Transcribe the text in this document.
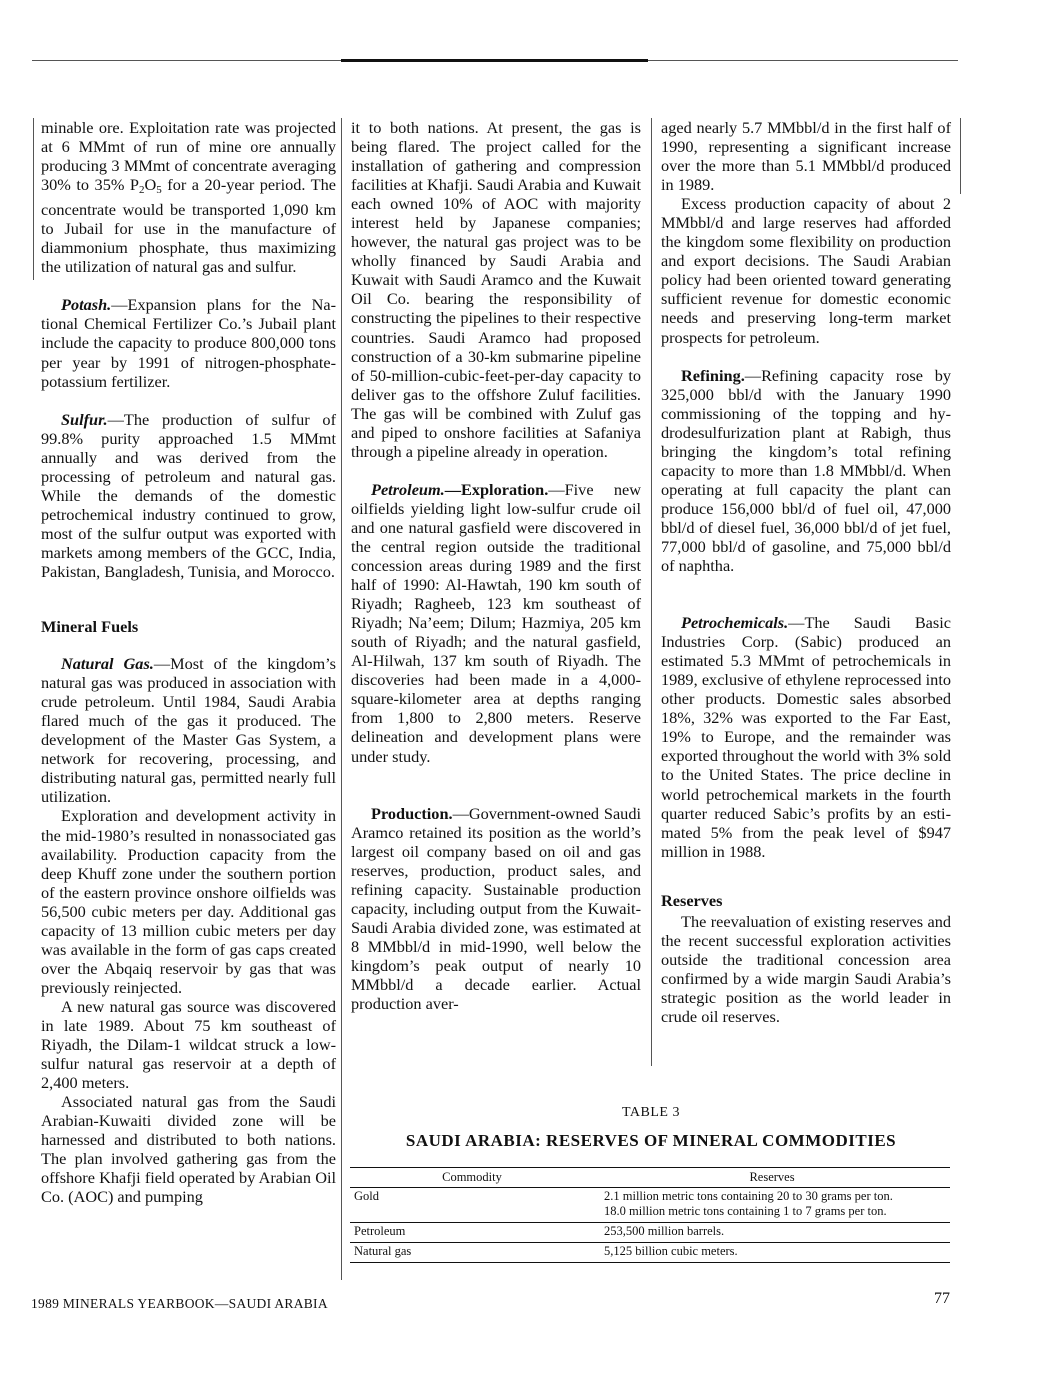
minable ore. Exploitation rate was projected at 6 MMmt of run of mine ore annually producing 3 MMmt of concentrate averaging 30% to 35% $P_2O_5$ for a 20-year period. The concentrate would be transported 1,090 km to Jubail for use in the manufacture of diammonium phosphate, thus maximizing the utilization of natural gas and sulfur.

Potash.—Expansion plans for the National Chemical Fertilizer Co.’s Jubail plant include the capacity to produce 800,000 tons per year by 1991 of nitrogen-phosphate-potassium fertilizer.

Sulfur.—The production of sulfur of 99.8% purity approached 1.5 MMmt annually and was derived from the processing of petroleum and natural gas. While the demands of the domestic petrochemical industry continued to grow, most of the sulfur output was exported with markets among members of the GCC, India, Pakistan, Bangladesh, Tunisia, and Morocco.

Mineral Fuels

Natural Gas.—Most of the kingdom’s natural gas was produced in association with crude petroleum. Until 1984, Saudi Arabia flared much of the gas it produced. The development of the Master Gas System, a network for recovering, processing, and distributing natural gas, permitted nearly full utilization.

Exploration and development activity in the mid-1980’s resulted in nonassociated gas availability. Production capacity from the deep Khuff zone under the southern portion of the eastern province onshore oilfields was 56,500 cubic meters per day. Additional gas capacity of 13 million cubic meters per day was available in the form of gas caps created over the Abqaiq reservoir by gas that was previously reinjected.

A new natural gas source was discovered in late 1989. About 75 km southeast of Riyadh, the Dilam-1 wildcat struck a low-sulfur natural gas reservoir at a depth of 2,400 meters.

Associated natural gas from the Saudi Arabian-Kuwaiti divided zone will be harnessed and distributed to both nations. The plan involved gathering gas from the offshore Khafji field operated by Arabian Oil Co. (AOC) and pumping

it to both nations. At present, the gas is being flared. The project called for the installation of gathering and compression facilities at Khafji. Saudi Arabia and Kuwait each owned 10% of AOC with majority interest held by Japanese companies; however, the natural gas project was to be wholly financed by Saudi Arabia and Kuwait with Saudi Aramco and the Kuwait Oil Co. bearing the responsibility of constructing the pipelines to their respective countries. Saudi Aramco had proposed construction of a 30-km submarine pipeline of 50-million-cubic-feet-per-day capacity to deliver gas to the offshore Zuluf facilities. The gas will be combined with Zuluf gas and piped to onshore facilities at Safaniya through a pipeline already in operation.

Petroleum.—Exploration.—Five new oilfields yielding light low-sulfur crude oil and one natural gasfield were discovered in the central region outside the traditional concession areas during 1989 and the first half of 1990: Al-Hawtah, 190 km south of Riyadh; Ragheeb, 123 km southeast of Riyadh; Na’eem; Dilum; Hazmiya, 205 km south of Riyadh; and the natural gasfield, Al-Hilwah, 137 km south of Riyadh. The discoveries had been made in a 4,000-square-kilometer area at depths ranging from 1,800 to 2,800 meters. Reserve delineation and development plans were under study.

Production.—Government-owned Saudi Aramco retained its position as the world’s largest oil company based on oil and gas reserves, production, product sales, and refining capacity. Sustainable production capacity, including output from the Kuwait-Saudi Arabia divided zone, was estimated at 8 MMbbl/d in mid-1990, well below the kingdom’s peak output of nearly 10 MMbbl/d a decade earlier. Actual production aver-

aged nearly 5.7 MMbbl/d in the first half of 1990, representing a significant increase over the more than 5.1 MMbbl/d produced in 1989.

Excess production capacity of about 2 MMbbl/d and large reserves had afforded the kingdom some flexibility on production and export decisions. The Saudi Arabian policy had been oriented toward generating sufficient revenue for domestic economic needs and preserving long-term market prospects for petroleum.

Refining.—Refining capacity rose by 325,000 bbl/d with the January 1990 commissioning of the topping and hydrodesulfurization plant at Rabigh, thus bringing the kingdom’s total refining capacity to more than 1.8 MMbbl/d. When operating at full capacity the plant can produce 156,000 bbl/d of fuel oil, 47,000 bbl/d of diesel fuel, 36,000 bbl/d of jet fuel, 77,000 bbl/d of gasoline, and 75,000 bbl/d of naphtha.

Petrochemicals.—The Saudi Basic Industries Corp. (Sabic) produced an estimated 5.3 MMmt of petrochemicals in 1989, exclusive of ethylene reprocessed into other products. Domestic sales absorbed 18%, 32% was exported to the Far East, 19% to Europe, and the remainder was exported throughout the world with 3% sold to the United States. The price decline in world petrochemical markets in the fourth quarter reduced Sabic’s profits by an estimated 5% from the peak level of $947 million in 1988.

Reserves

The reevaluation of existing reserves and the recent successful exploration activities outside the traditional concession area confirmed by a wide margin Saudi Arabia’s strategic position as the world leader in crude oil reserves.

TABLE 3
SAUDI ARABIA: RESERVES OF MINERAL COMMODITIES
Commodity	Reserves
Gold	2.1 million metric tons containing 20 to 30 grams per ton.
18.0 million metric tons containing 1 to 7 grams per ton.

Petroleum	253,500 million barrels.

Natural gas	5,125 billion cubic meters.
1989 MINERALS YEARBOOK—SAUDI ARABIA	77
